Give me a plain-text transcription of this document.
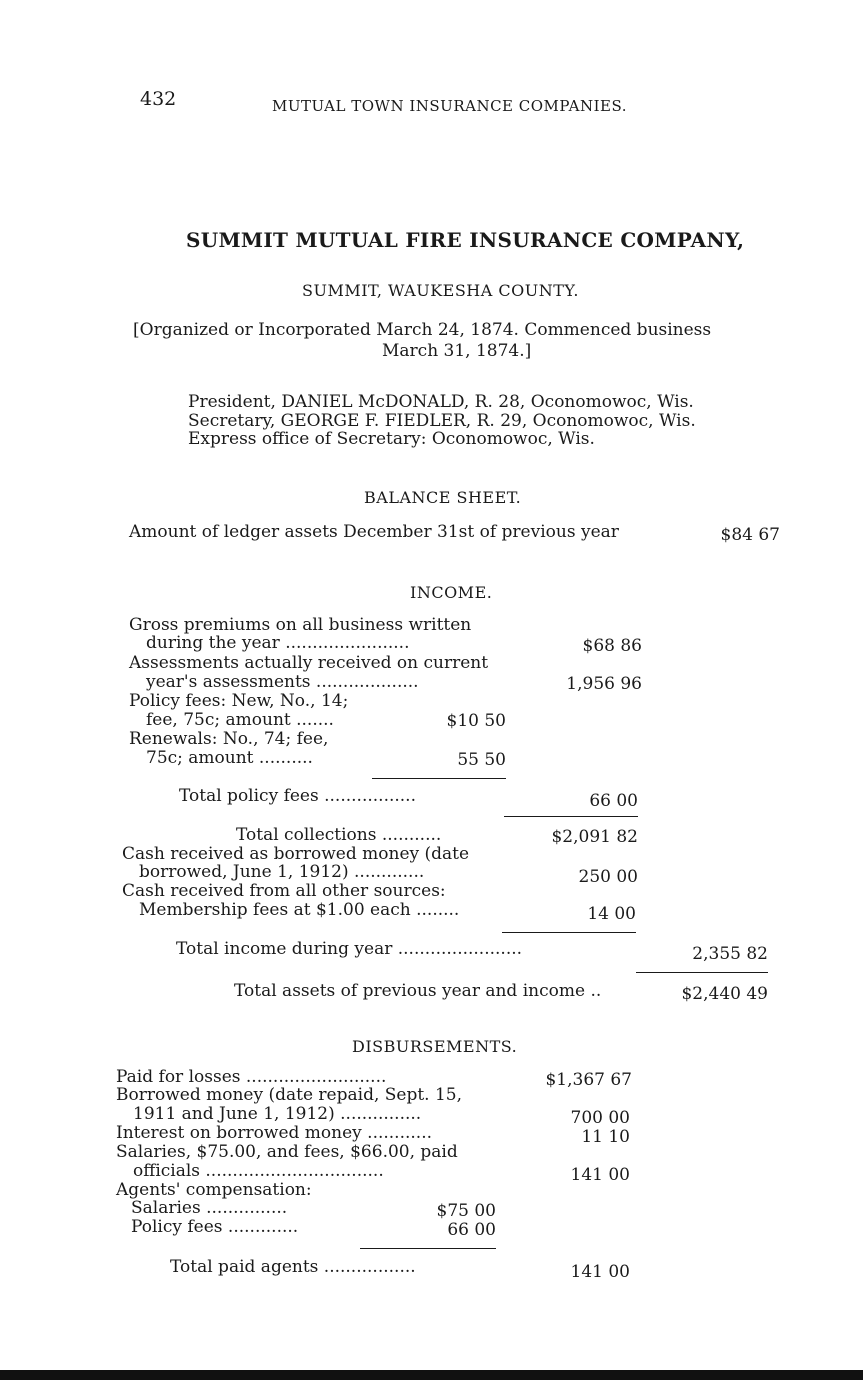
432	MUTUAL TOWN INSURANCE COMPANIES.
SUMMIT MUTUAL FIRE INSURANCE COMPANY,
SUMMIT, WAUKESHA COUNTY.
[Organized or Incorporated March 24, 1874. Commenced business
March 31, 1874.]
President, DANIEL McDONALD, R. 28, Oconomowoc, Wis.
Secretary, GEORGE F. FIEDLER, R. 29, Oconomowoc, Wis.
Express office of Secretary: Oconomowoc, Wis.
BALANCE SHEET.
Amount of ledger assets December 31st of previous year	$84 67
INCOME.
Gross premiums on all business written
during the year .......................	$68 86
Assessments actually received on current
year's assessments ...................	1,956 96
Policy fees: New, No., 14;
fee, 75c; amount .......	$10 50
Renewals: No., 74; fee,
75c; amount ..........	55 50
Total policy fees .................	66 00
Total collections ...........	$2,091 82
Cash received as borrowed money (date
borrowed, June 1, 1912) .............	250 00
Cash received from all other sources:
Membership fees at $1.00 each ........	14 00
Total income during year .......................	2,355 82
Total assets of previous year and income ..	$2,440 49
DISBURSEMENTS.
Paid for losses ..........................	$1,367 67
Borrowed money (date repaid, Sept. 15,
1911 and June 1, 1912) ...............	700 00
Interest on borrowed money ............	11 10
Salaries, $75.00, and fees, $66.00, paid
officials .................................	141 00
Agents' compensation:
Salaries ...............	$75 00
Policy fees .............	66 00
Total paid agents .................	141 00
